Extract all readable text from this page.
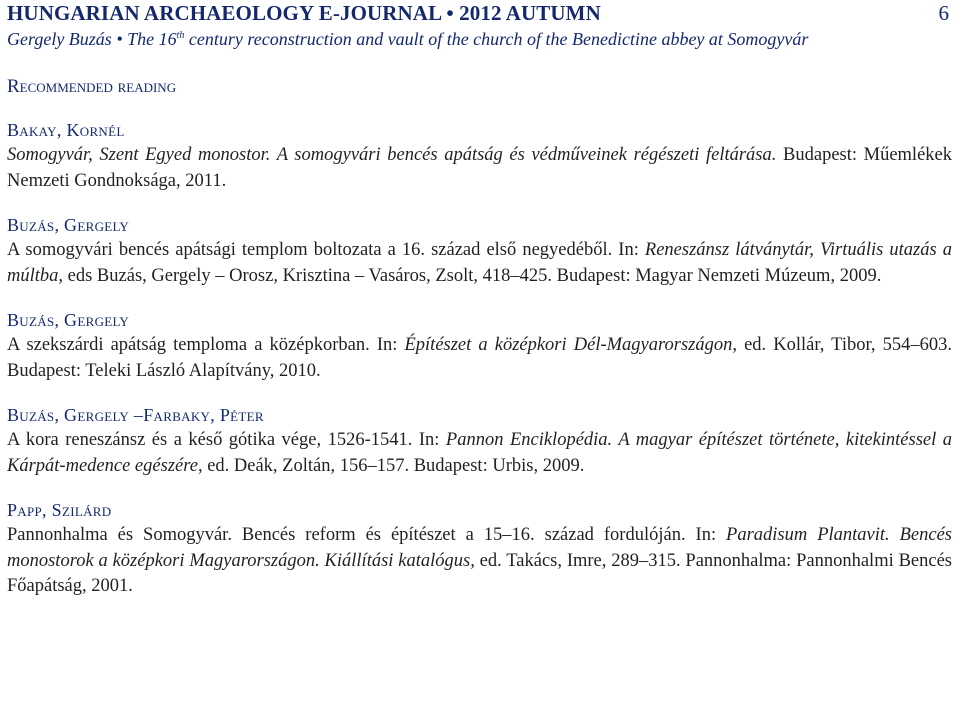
HUNGARIAN ARCHAEOLOGY E-JOURNAL • 2012 AUTUMN	6
Gergely Buzás • The 16th century reconstruction and vault of the church of the Benedictine abbey at Somogyvár
Recommended reading
Bakay, Kornél
Somogyvár, Szent Egyed monostor. A somogyvári bencés apátság és védműveinek régészeti feltárása. Budapest: Műemlékek Nemzeti Gondnoksága, 2011.
Buzás, Gergely
A somogyvári bencés apátsági templom boltozata a 16. század első negyedéből. In: Reneszánsz látványtár, Virtuális utazás a múltba, eds Buzás, Gergely – Orosz, Krisztina – Vasáros, Zsolt, 418–425. Budapest: Magyar Nemzeti Múzeum, 2009.
Buzás, Gergely
A szekszárdi apátság temploma a középkorban. In: Építészet a középkori Dél-Magyarországon, ed. Kollár, Tibor, 554–603. Budapest: Teleki László Alapítvány, 2010.
Buzás, Gergely –Farbaky, Péter
A kora reneszánsz és a késő gótika vége, 1526-1541. In: Pannon Enciklopédia. A magyar építészet története, kitekintéssel a Kárpát-medence egészére, ed. Deák, Zoltán, 156–157. Budapest: Urbis, 2009.
Papp, Szilárd
Pannonhalma és Somogyvár. Bencés reform és építészet a 15–16. század fordulóján. In: Paradisum Plantavit. Bencés monostorok a középkori Magyarországon. Kiállítási katalógus, ed. Takács, Imre, 289–315. Pannonhalma: Pannonhalmi Bencés Főapátság, 2001.
